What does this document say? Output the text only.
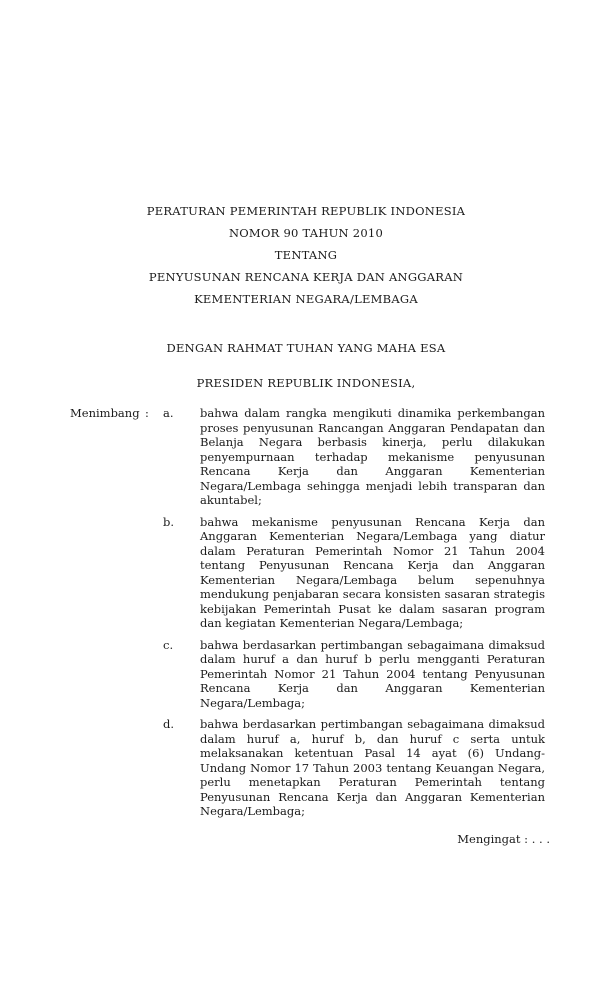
PERATURAN PEMERINTAH REPUBLIK INDONESIA
NOMOR 90 TAHUN 2010
TENTANG
PENYUSUNAN RENCANA KERJA DAN ANGGARAN
KEMENTERIAN NEGARA/LEMBAGA
DENGAN RAHMAT TUHAN YANG MAHA ESA
PRESIDEN REPUBLIK INDONESIA,
Menimbang :	a.	bahwa dalam rangka mengikuti dinamika perkembangan proses penyusunan Rancangan Anggaran Pendapatan dan Belanja Negara berbasis kinerja, perlu dilakukan penyempurnaan terhadap mekanisme penyusunan Rencana Kerja dan Anggaran Kementerian Negara/Lembaga sehingga menjadi lebih transparan dan akuntabel;
b.	bahwa mekanisme penyusunan Rencana Kerja dan Anggaran Kementerian Negara/Lembaga yang diatur dalam Peraturan Pemerintah Nomor 21 Tahun 2004 tentang Penyusunan Rencana Kerja dan Anggaran Kementerian Negara/Lembaga belum sepenuhnya mendukung penjabaran secara konsisten sasaran strategis kebijakan Pemerintah Pusat ke dalam sasaran program dan kegiatan Kementerian Negara/Lembaga;
c.	bahwa berdasarkan pertimbangan sebagaimana dimaksud dalam huruf a dan huruf b perlu mengganti Peraturan Pemerintah Nomor 21 Tahun 2004 tentang Penyusunan Rencana Kerja dan Anggaran Kementerian Negara/Lembaga;
d.	bahwa berdasarkan pertimbangan sebagaimana dimaksud dalam huruf a, huruf b, dan huruf c serta untuk melaksanakan ketentuan Pasal 14 ayat (6) Undang-Undang Nomor 17 Tahun 2003 tentang Keuangan Negara, perlu menetapkan Peraturan Pemerintah tentang Penyusunan Rencana Kerja dan Anggaran Kementerian Negara/Lembaga;
Mengingat : . . .
